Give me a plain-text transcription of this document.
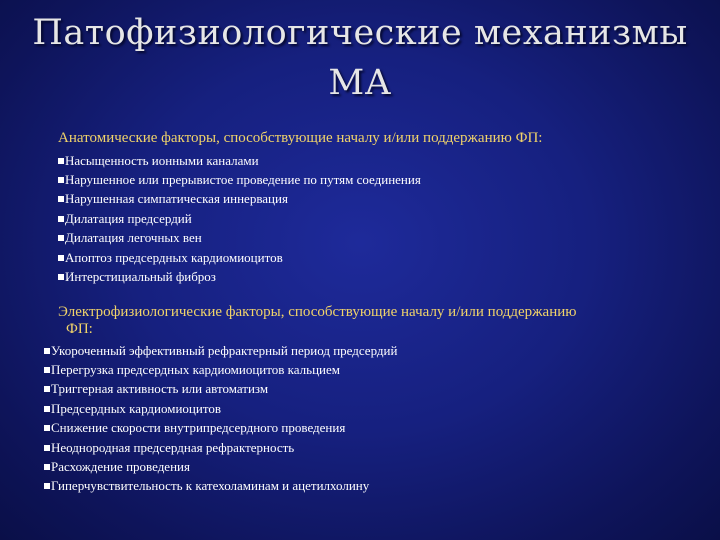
Патофизиологические механизмы
МА
Анатомические факторы, способствующие началу и/или поддержанию ФП:
Насыщенность ионными каналами
Нарушенное или прерывистое проведение по путям соединения
Нарушенная симпатическая иннервация
Дилатация предсердий
Дилатация легочных вен
Апоптоз предсердных кардиомиоцитов
Интерстициальный фиброз
Электрофизиологические факторы, способствующие началу и/или поддержанию
ФП:
Укороченный эффективный рефрактерный период предсердий
Перегрузка предсердных кардиомиоцитов кальцием
Триггерная активность или автоматизм
Предсердных кардиомиоцитов
Снижение скорости внутрипредсердного проведения
Неоднородная предсердная рефрактерность
Расхождение проведения
Гиперчувствительность к катехоламинам и ацетилхолину
